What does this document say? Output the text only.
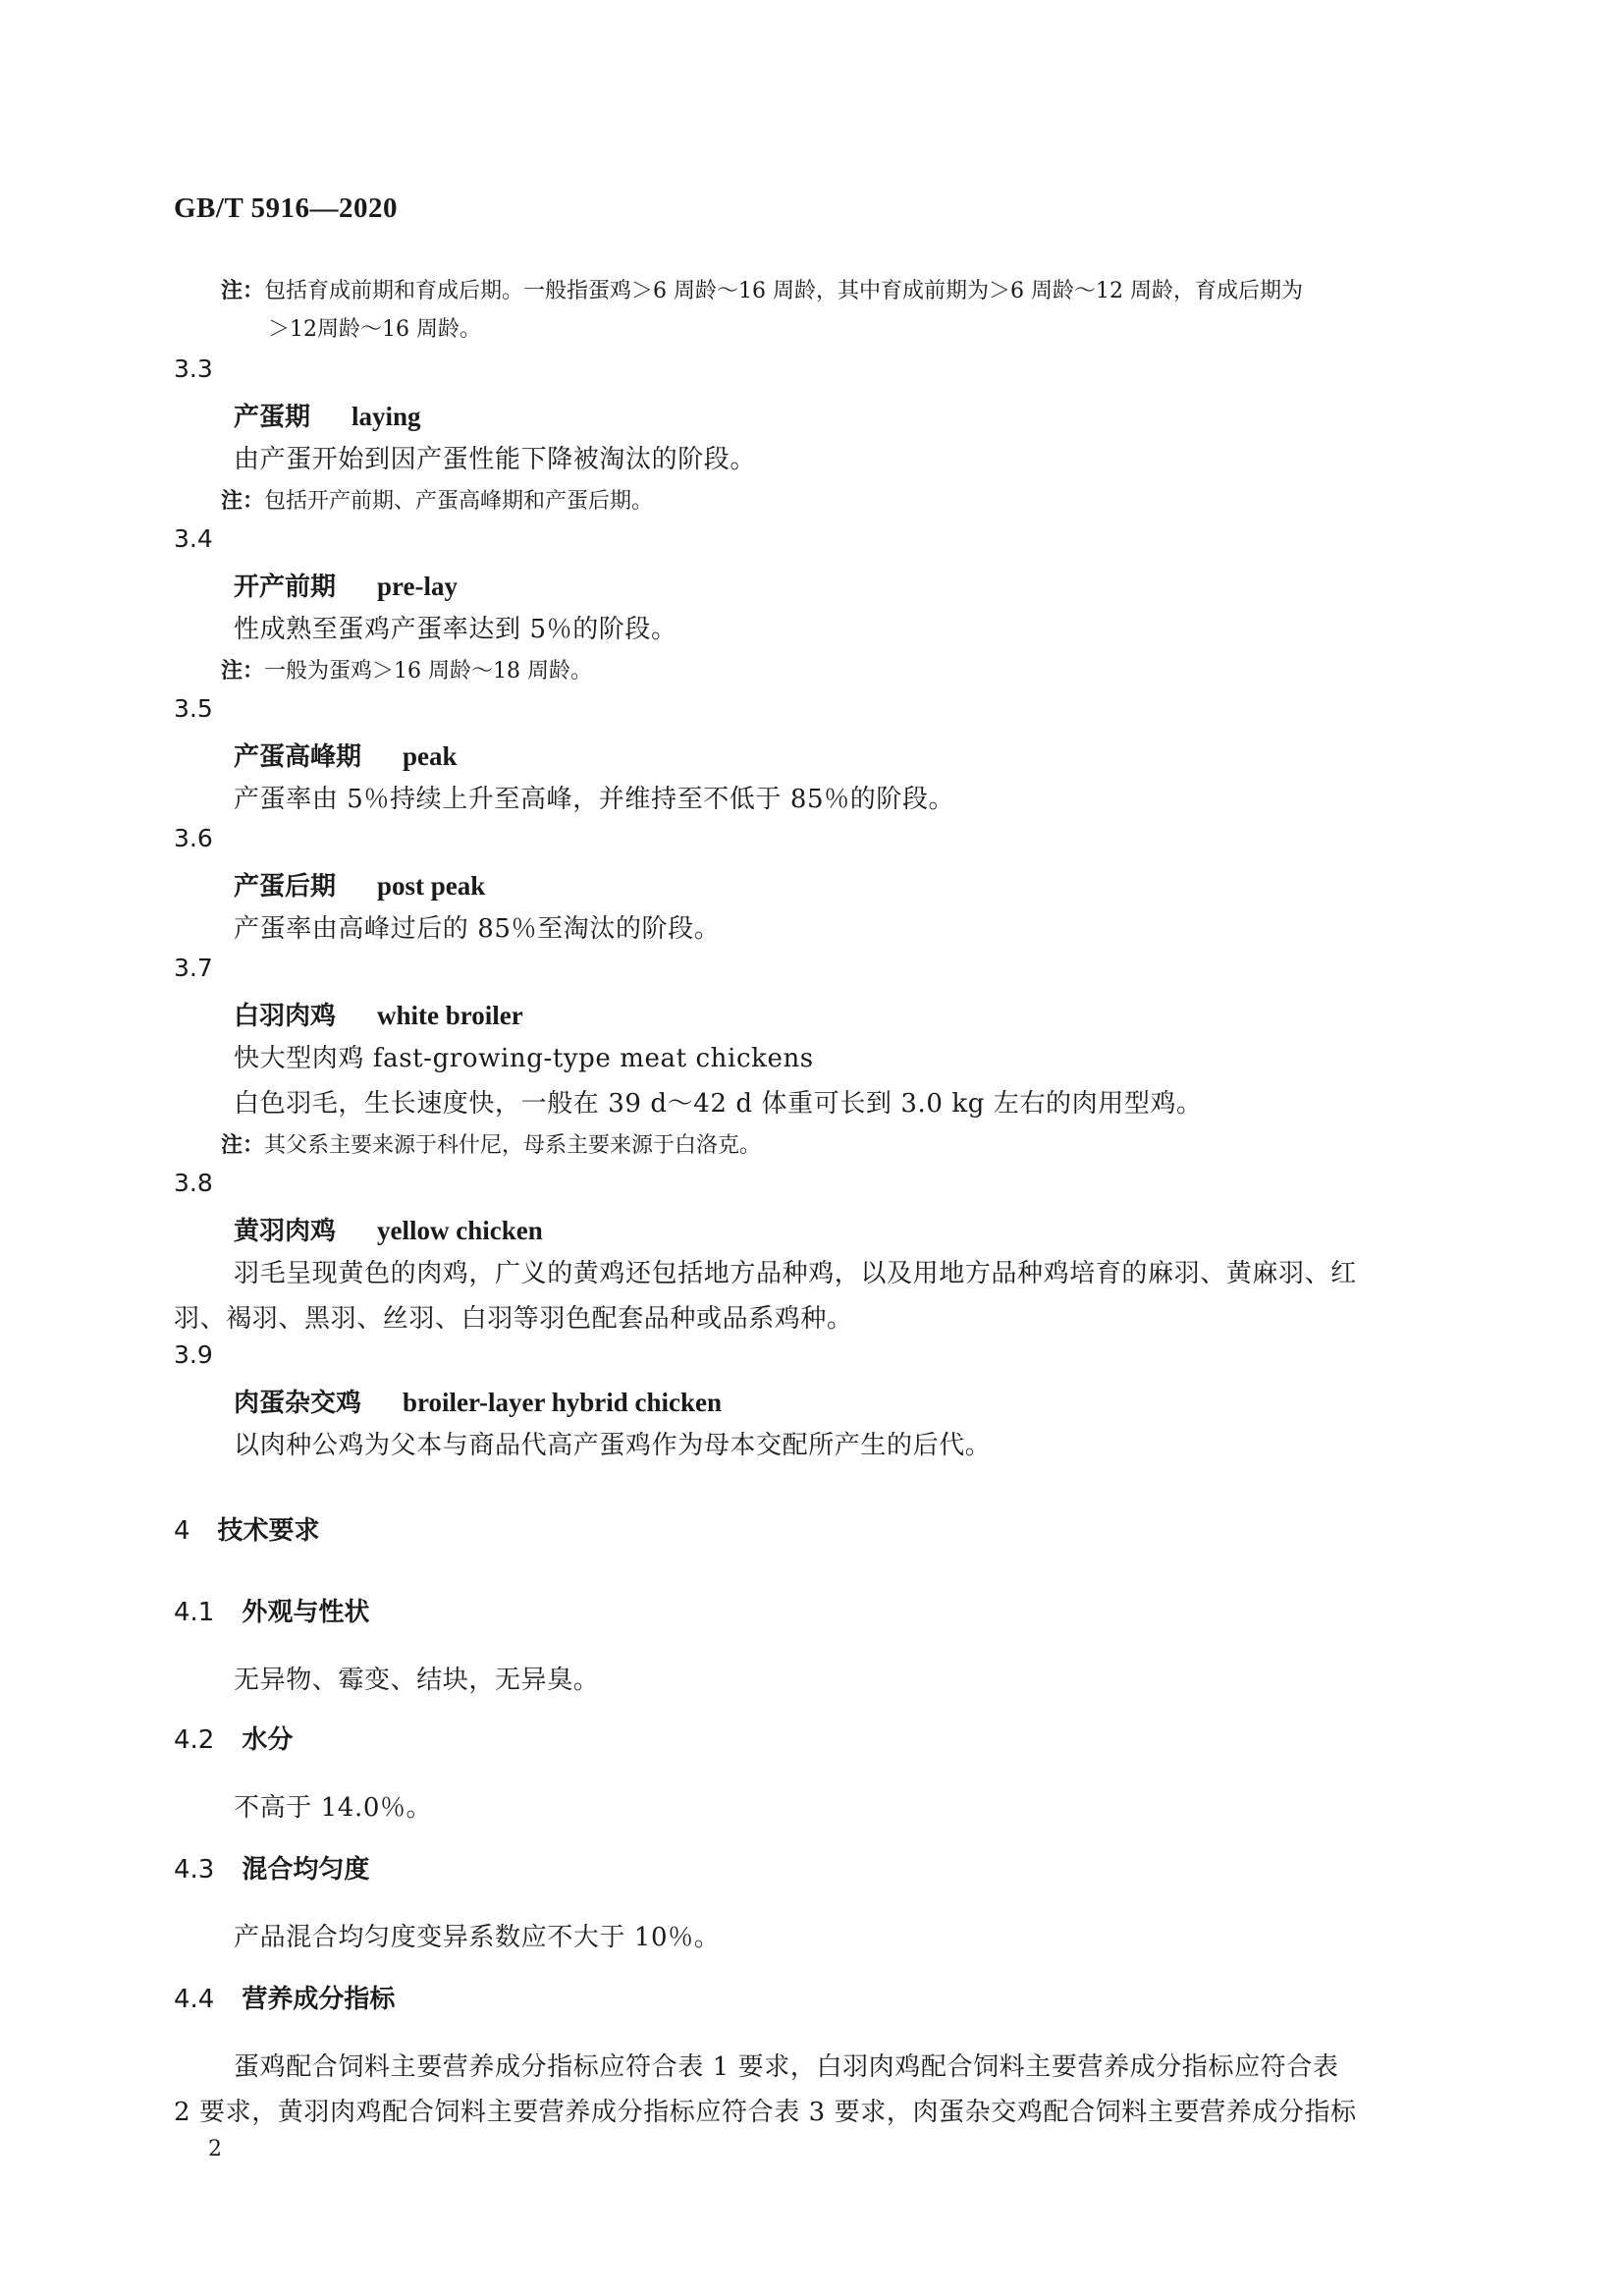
GB/T 5916—2020
注：包括育成前期和育成后期。一般指蛋鸡＞6 周龄～16 周龄，其中育成前期为＞6 周龄～12 周龄，育成后期为
＞12周龄～16 周龄。
3.3
产蛋期 laying
由产蛋开始到因产蛋性能下降被淘汰的阶段。
注：包括开产前期、产蛋高峰期和产蛋后期。
3.4
开产前期 pre-lay
性成熟至蛋鸡产蛋率达到 5％的阶段。
注：一般为蛋鸡＞16 周龄～18 周龄。
3.5
产蛋高峰期 peak
产蛋率由 5％持续上升至高峰，并维持至不低于 85％的阶段。
3.6
产蛋后期 post peak
产蛋率由高峰过后的 85％至淘汰的阶段。
3.7
白羽肉鸡 white broiler
快大型肉鸡 fast-growing-type meat chickens
白色羽毛，生长速度快，一般在 39 d～42 d 体重可长到 3.0 kg 左右的肉用型鸡。
注：其父系主要来源于科什尼，母系主要来源于白洛克。
3.8
黄羽肉鸡 yellow chicken
羽毛呈现黄色的肉鸡，广义的黄鸡还包括地方品种鸡，以及用地方品种鸡培育的麻羽、黄麻羽、红
羽、褐羽、黑羽、丝羽、白羽等羽色配套品种或品系鸡种。
3.9
肉蛋杂交鸡 broiler-layer hybrid chicken
以肉种公鸡为父本与商品代高产蛋鸡作为母本交配所产生的后代。
4 技术要求
4.1 外观与性状
无异物、霉变、结块，无异臭。
4.2 水分
不高于 14.0％。
4.3 混合均匀度
产品混合均匀度变异系数应不大于 10％。
4.4 营养成分指标
蛋鸡配合饲料主要营养成分指标应符合表 1 要求，白羽肉鸡配合饲料主要营养成分指标应符合表
2 要求，黄羽肉鸡配合饲料主要营养成分指标应符合表 3 要求，肉蛋杂交鸡配合饲料主要营养成分指标
2
